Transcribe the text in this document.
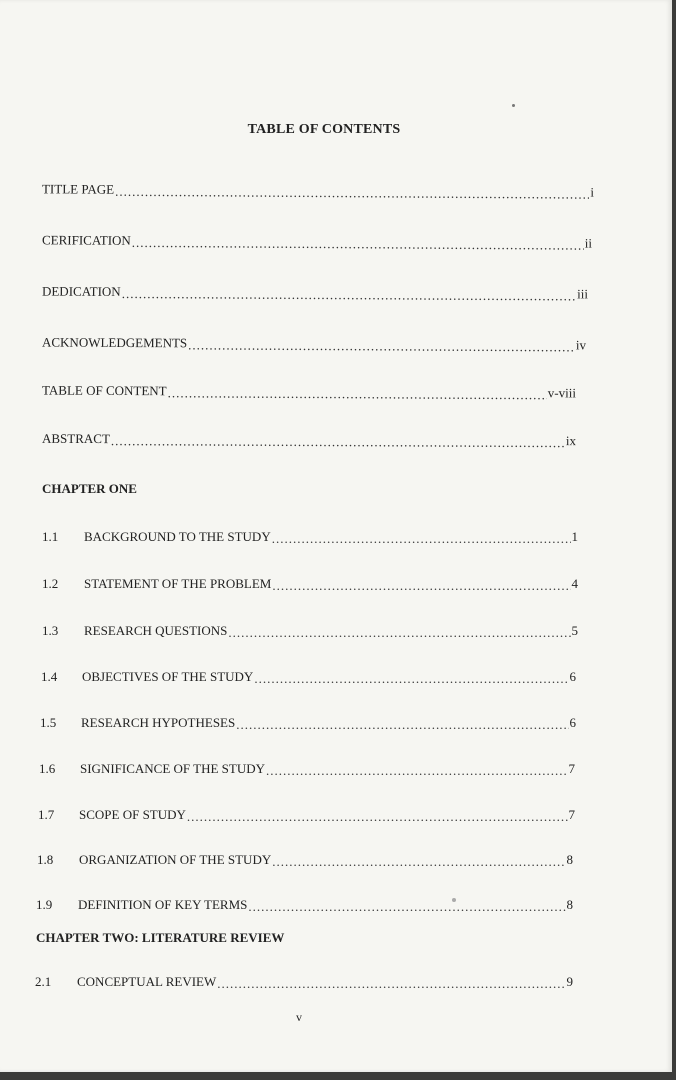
TABLE OF CONTENTS
TITLE PAGE .....	i
CERIFICATION .....	ii
DEDICATION .....	iii
ACKNOWLEDGEMENTS .....	iv
TABLE OF CONTENT .....	v-viii
ABSTRACT .....	ix
CHAPTER ONE
1.1	BACKGROUND TO THE STUDY .....	1
1.2	STATEMENT OF THE PROBLEM .....	4
1.3	RESEARCH QUESTIONS .....	5
1.4	OBJECTIVES OF THE STUDY .....	6
1.5	RESEARCH HYPOTHESES .....	6
1.6	SIGNIFICANCE OF THE STUDY .....	7
1.7	SCOPE OF STUDY .....	7
1.8	ORGANIZATION OF THE STUDY .....	8
1.9	DEFINITION OF KEY TERMS .....	8
CHAPTER TWO: LITERATURE REVIEW
2.1	CONCEPTUAL REVIEW .....	9
v
